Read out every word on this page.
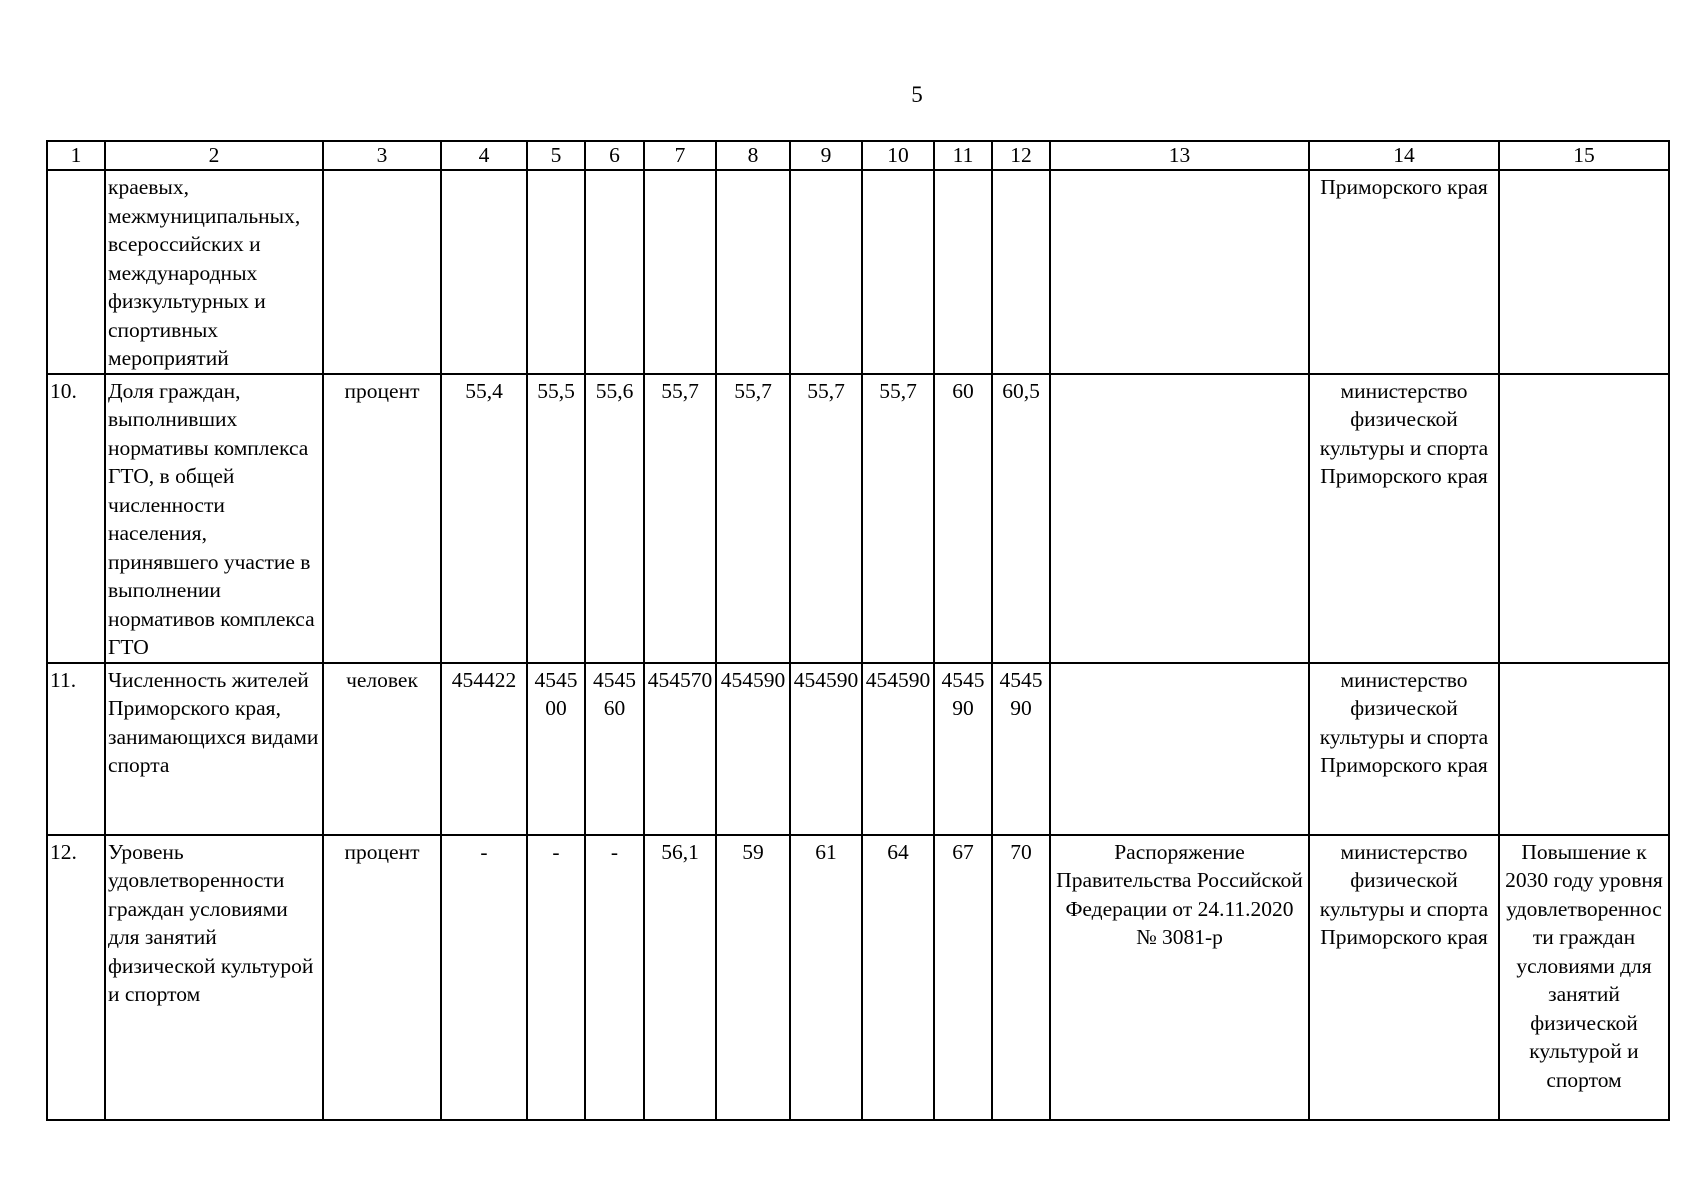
5
1	2	3	4	5	6	7	8	9	10	11	12	13	14	15
	краевых, межмуниципальных, всероссийских и международных физкультурных и спортивных мероприятий												Приморского края	
10.	Доля граждан, выполнивших нормативы комплекса ГТО, в общей численности населения, принявшего участие в выполнении нормативов комплекса ГТО	процент	55,4	55,5	55,6	55,7	55,7	55,7	55,7	60	60,5		министерство физической культуры и спорта Приморского края	
11.	Численность жителей Приморского края, занимающихся видами спорта	человек	454422	454500	454560	454570	454590	454590	454590	454590	454590		министерство физической культуры и спорта Приморского края	
12.	Уровень удовлетворенности граждан условиями для занятий физической культурой и спортом	процент	-	-	-	56,1	59	61	64	67	70	Распоряжение Правительства Российской Федерации от 24.11.2020 № 3081-р	министерство физической культуры и спорта Приморского края	Повышение к 2030 году уровня удовлетворенности граждан условиями для занятий физической культурой и спортом
